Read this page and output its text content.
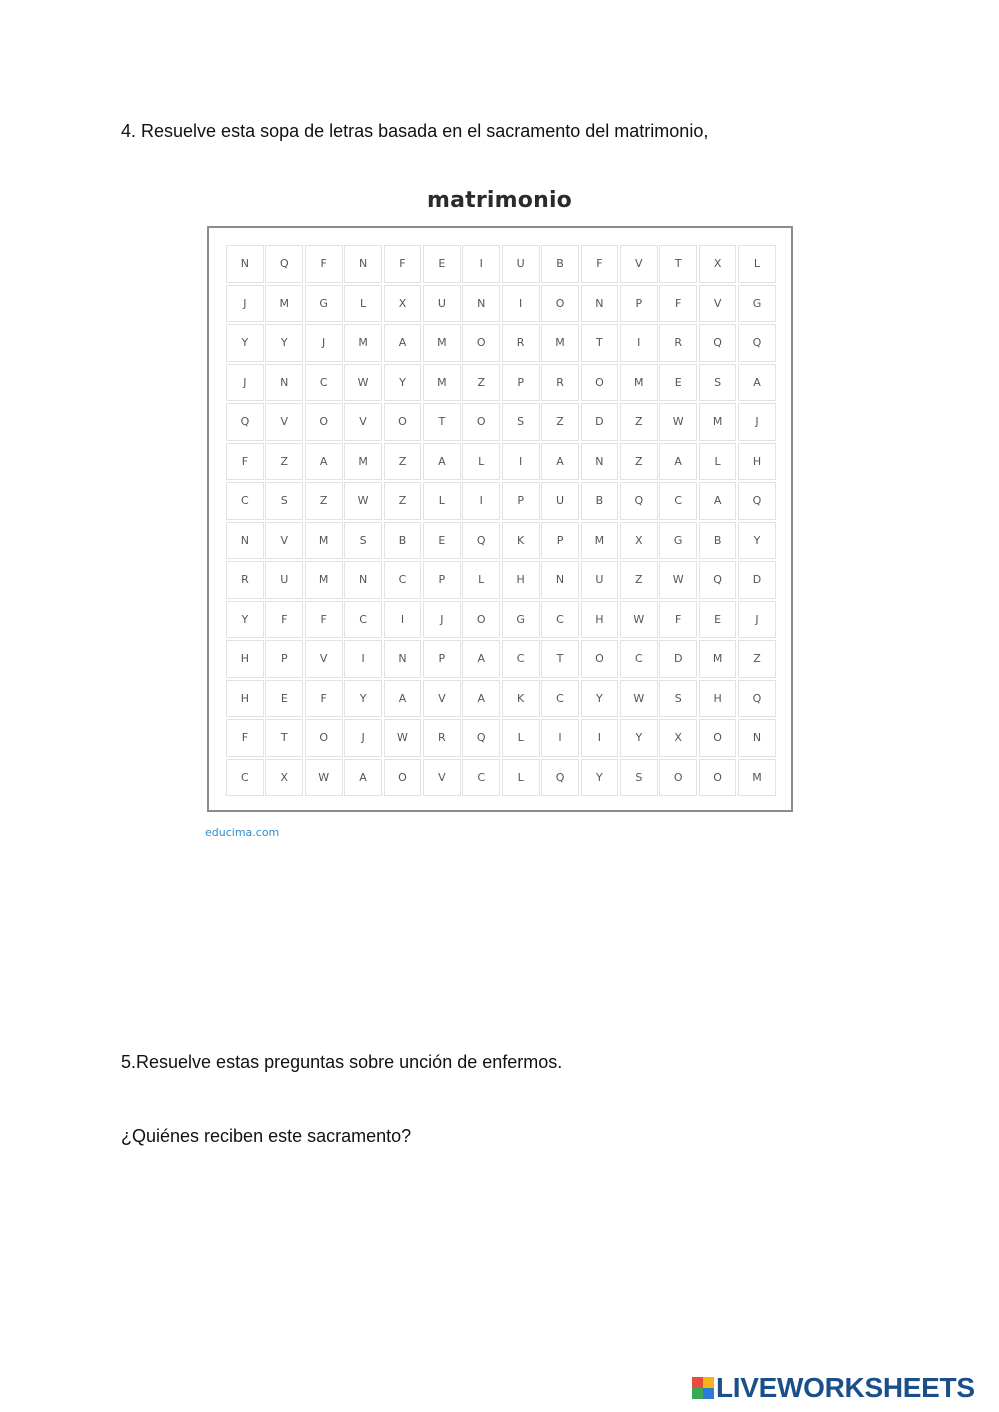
4. Resuelve esta sopa de letras basada en el sacramento del matrimonio,
matrimonio
N	Q	F	N	F	E	I	U	B	F	V	T	X	L
J	M	G	L	X	U	N	I	O	N	P	F	V	G
Y	Y	J	M	A	M	O	R	M	T	I	R	Q	Q
J	N	C	W	Y	M	Z	P	R	O	M	E	S	A
Q	V	O	V	O	T	O	S	Z	D	Z	W	M	J
F	Z	A	M	Z	A	L	I	A	N	Z	A	L	H
C	S	Z	W	Z	L	I	P	U	B	Q	C	A	Q
N	V	M	S	B	E	Q	K	P	M	X	G	B	Y
R	U	M	N	C	P	L	H	N	U	Z	W	Q	D
Y	F	F	C	I	J	O	G	C	H	W	F	E	J
H	P	V	I	N	P	A	C	T	O	C	D	M	Z
H	E	F	Y	A	V	A	K	C	Y	W	S	H	Q
F	T	O	J	W	R	Q	L	I	I	Y	X	O	N
C	X	W	A	O	V	C	L	Q	Y	S	O	O	M
educima.com
5.Resuelve estas preguntas sobre unción de enfermos.
¿Quiénes reciben este sacramento?
LIVEWORKSHEETS
